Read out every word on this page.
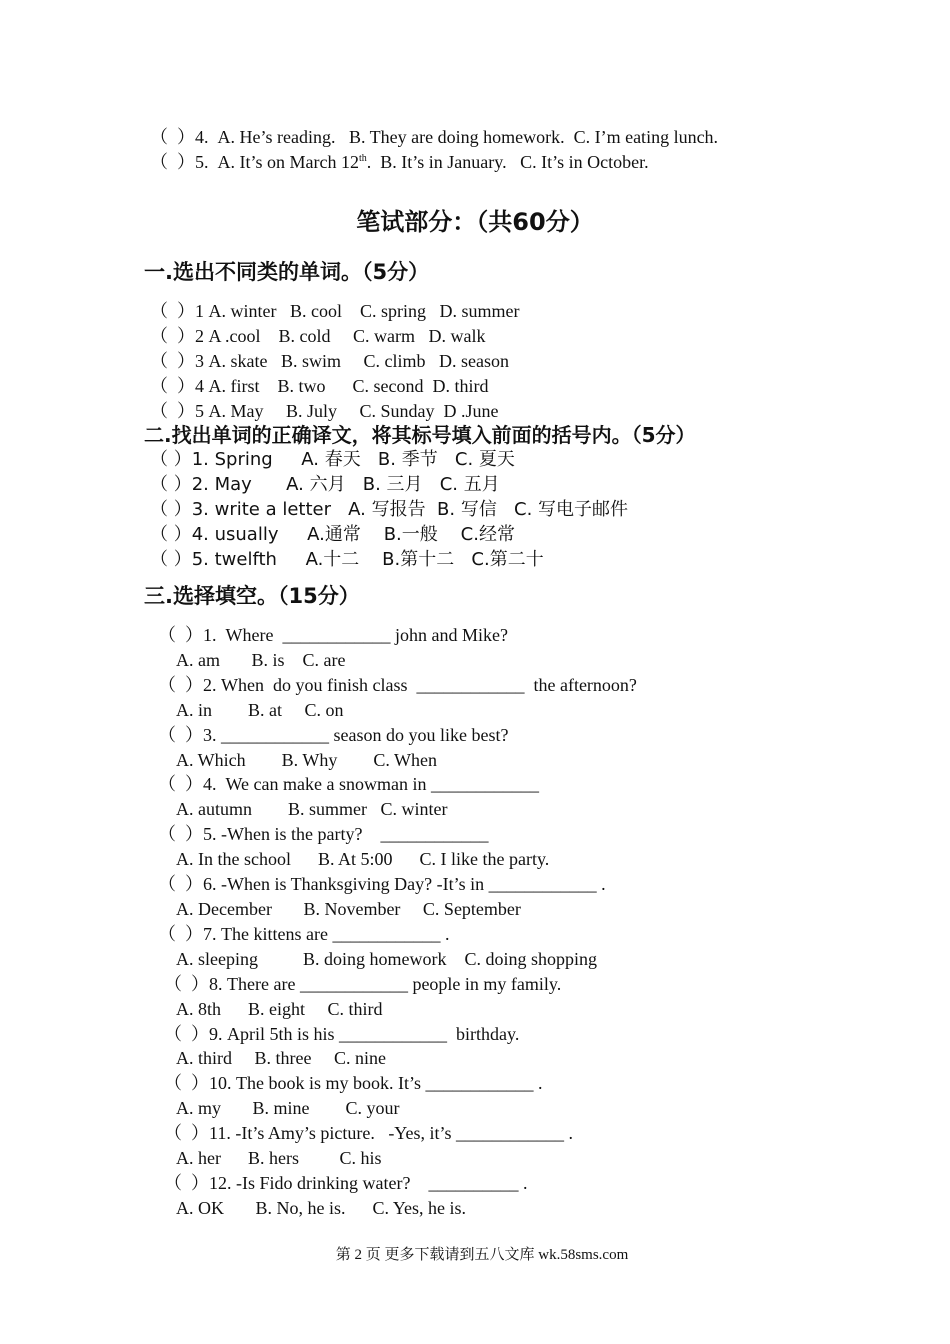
（  ）4.  A. He’s reading.   B. They are doing homework.  C. I’m eating lunch.
（  ）5.  A. It’s on March 12th.  B. It’s in January.   C. It’s in October.
笔试部分：（共60分）
一.选出不同类的单词。（5分）
（  ）1 A. winter   B. cool    C. spring   D. summer
（  ）2 A .cool    B. cold     C. warm   D. walk
（  ）3 A. skate   B. swim     C. climb   D. season
（  ）4 A. first    B. two      C. second  D. third
（  ）5 A. May     B. July     C. Sunday  D .June
二.找出单词的正确译文，将其标号填入前面的括号内。（5分）
（ ）1. Spring     A. 春天   B. 季节   C. 夏天
（ ）2. May      A. 六月   B. 三月   C. 五月
（ ）3. write a letter   A. 写报告  B. 写信   C. 写电子邮件
（ ）4. usually     A.通常    B.一般    C.经常
（ ）5. twelfth     A.十二    B.第十二   C.第二十
三.选择填空。（15分）
（  ）1.  Where  ____________ john and Mike?
A. am       B. is    C. are
（  ）2. When  do you finish class  ____________  the afternoon?
A. in        B. at     C. on
（  ）3. ____________ season do you like best?
A. Which        B. Why        C. When
（  ）4.  We can make a snowman in ____________
A. autumn        B. summer   C. winter
（  ）5. -When is the party?    ____________
A. In the school      B. At 5:00      C. I like the party.
（  ）6. -When is Thanksgiving Day? -It’s in ____________ .
A. December       B. November     C. September
（  ）7. The kittens are ____________ .
A. sleeping          B. doing homework    C. doing shopping
（  ）8. There are ____________ people in my family.
A. 8th      B. eight     C. third
（  ）9. April 5th is his ____________  birthday.
A. third     B. three     C. nine
（  ）10. The book is my book. It’s ____________ .
A. my       B. mine        C. your
（  ）11. -It’s Amy’s picture.   -Yes, it’s ____________ .
A. her      B. hers         C. his
（  ）12. -Is Fido drinking water?    __________ .
A. OK       B. No, he is.      C. Yes, he is.
第 2 页 更多下载请到五八文库 wk.58sms.com
